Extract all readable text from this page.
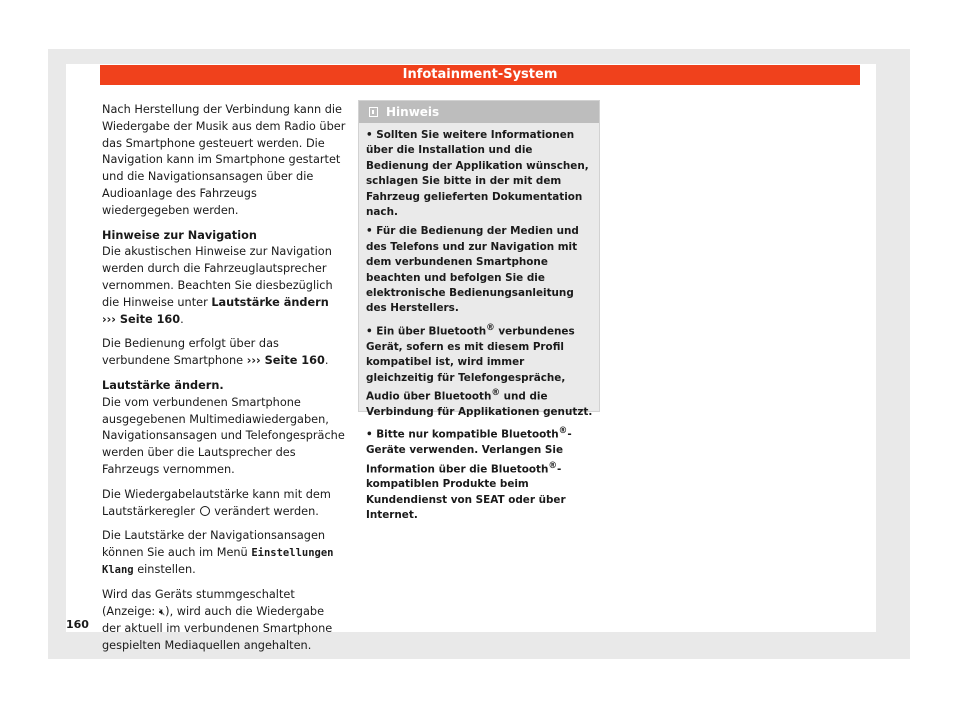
Infotainment-System

Nach Herstellung der Verbindung kann die Wiedergabe der Musik aus dem Radio über das Smartphone gesteuert werden. Die Navigation kann im Smartphone gestartet und die Navigationsansagen über die Audioanlage des Fahrzeugs wiedergegeben werden.

Hinweise zur Navigation

Die akustischen Hinweise zur Navigation werden durch die Fahrzeuglautsprecher vernommen. Beachten Sie diesbezüglich die Hinweise unter Lautstärke ändern ››› Seite 160.

Die Bedienung erfolgt über das verbundene Smartphone ››› Seite 160.

Lautstärke ändern.

Die vom verbundenen Smartphone ausgegebenen Multimediawiedergaben, Navigationsansagen und Telefongespräche werden über die Lautsprecher des Fahrzeugs vernommen.

Die Wiedergabelautstärke kann mit dem Lautstärkeregler verändert werden.

Die Lautstärke der Navigationsansagen können Sie auch im Menü Einstellungen Klang einstellen.

Wird das Geräts stummgeschaltet (Anzeige: 🔇︎), wird auch die Wiedergabe der aktuell im verbundenen Smartphone gespielten Mediaquellen angehalten.

Hinweis

• Sollten Sie weitere Informationen über die Installation und die Bedienung der Applikation wünschen, schlagen Sie bitte in der mit dem Fahrzeug gelieferten Dokumentation nach.

• Für die Bedienung der Medien und des Telefons und zur Navigation mit dem verbundenen Smartphone beachten und befolgen Sie die elektronische Bedienungsanleitung des Herstellers.

• Ein über Bluetooth® verbundenes Gerät, sofern es mit diesem Profil kompatibel ist, wird immer gleichzeitig für Telefongespräche, Audio über Bluetooth® und die Verbindung für Applikationen genutzt.

• Bitte nur kompatible Bluetooth®-Geräte verwenden. Verlangen Sie Information über die Bluetooth®-kompatiblen Produkte beim Kundendienst von SEAT oder über Internet.

160
